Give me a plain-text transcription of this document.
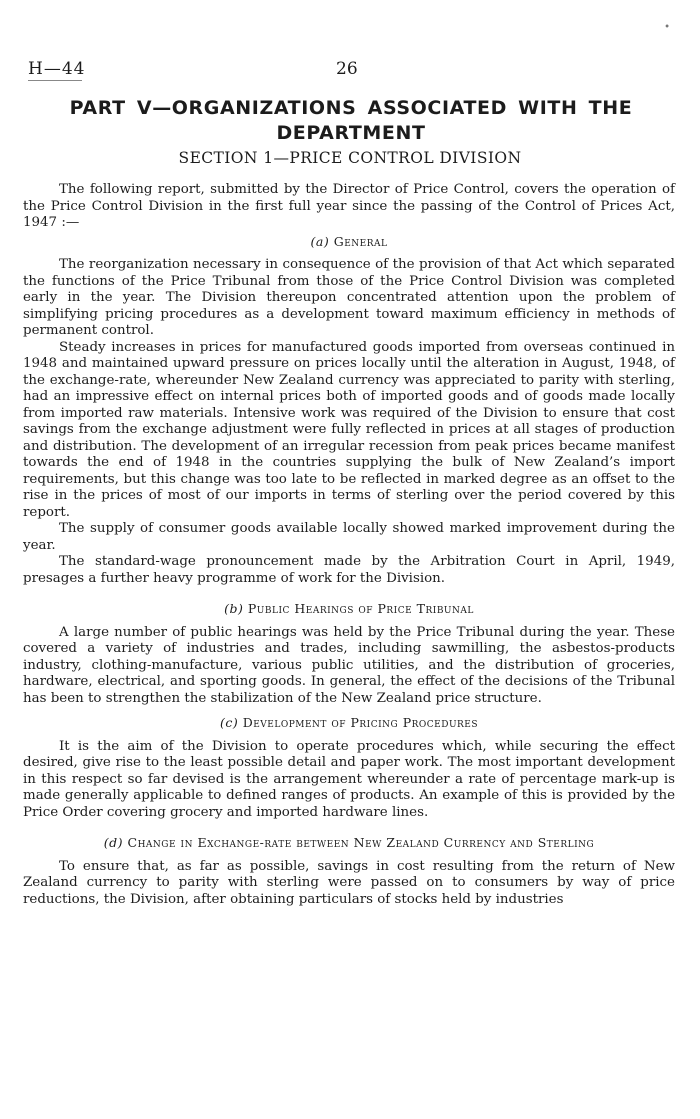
•
H—44	26
PART V—ORGANIZATIONS ASSOCIATED WITH THE DEPARTMENT
SECTION 1—PRICE CONTROL DIVISION

The following report, submitted by the Director of Price Control, covers the operation of the Price Control Division in the first full year since the passing of the Control of Prices Act, 1947 :—

(a) General

The reorganization necessary in consequence of the provision of that Act which separated the functions of the Price Tribunal from those of the Price Control Division was completed early in the year. The Division thereupon concentrated attention upon the problem of simplifying pricing procedures as a development toward maximum efficiency in methods of permanent control.

Steady increases in prices for manufactured goods imported from overseas continued in 1948 and maintained upward pressure on prices locally until the alteration in August, 1948, of the exchange-rate, whereunder New Zealand currency was appreciated to parity with sterling, had an impressive effect on internal prices both of imported goods and of goods made locally from imported raw materials. Intensive work was required of the Division to ensure that cost savings from the exchange adjustment were fully reflected in prices at all stages of production and distribution. The development of an irregular recession from peak prices became manifest towards the end of 1948 in the countries supplying the bulk of New Zealand’s import requirements, but this change was too late to be reflected in marked degree as an offset to the rise in the prices of most of our imports in terms of sterling over the period covered by this report.

The supply of consumer goods available locally showed marked improvement during the year.

The standard-wage pronouncement made by the Arbitration Court in April, 1949, presages a further heavy programme of work for the Division.

(b) Public Hearings of Price Tribunal

A large number of public hearings was held by the Price Tribunal during the year. These covered a variety of industries and trades, including sawmilling, the asbestos-products industry, clothing-manufacture, various public utilities, and the distribution of groceries, hardware, electrical, and sporting goods. In general, the effect of the decisions of the Tribunal has been to strengthen the stabilization of the New Zealand price structure.

(c) Development of Pricing Procedures

It is the aim of the Division to operate procedures which, while securing the effect desired, give rise to the least possible detail and paper work. The most important development in this respect so far devised is the arrangement whereunder a rate of percentage mark-up is made generally applicable to defined ranges of products. An example of this is provided by the Price Order covering grocery and imported hardware lines.

(d) Change in Exchange-rate between New Zealand Currency and Sterling

To ensure that, as far as possible, savings in cost resulting from the return of New Zealand currency to parity with sterling were passed on to consumers by way of price reductions, the Division, after obtaining particulars of stocks held by industries
